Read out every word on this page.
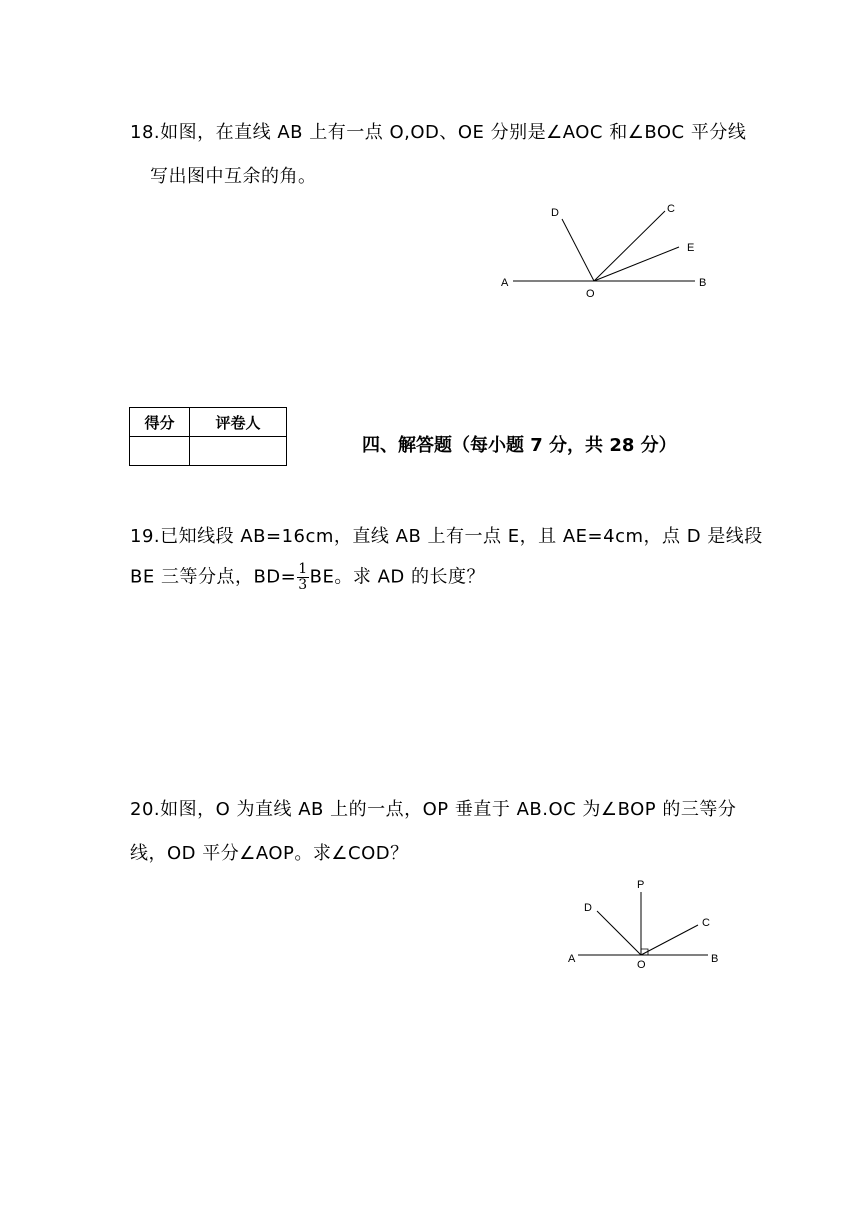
18.如图，在直线 AB 上有一点 O,OD、OE 分别是∠AOC 和∠BOC 平分线
写出图中互余的角。
A	B
O
D	C
E
得分	评卷人

四、解答题（每小题 7 分，共 28 分）
19.已知线段 AB=16cm，直线 AB 上有一点 E，且 AE=4cm，点 D 是线段
BE 三等分点，$BD= \frac{1}{3}$ BE。求 AD 的长度？
20.如图，O 为直线 AB 上的一点，OP 垂直于 AB.OC 为∠BOP 的三等分
线，OD 平分∠AOP。求∠COD？
A	B
O
P
D
C
